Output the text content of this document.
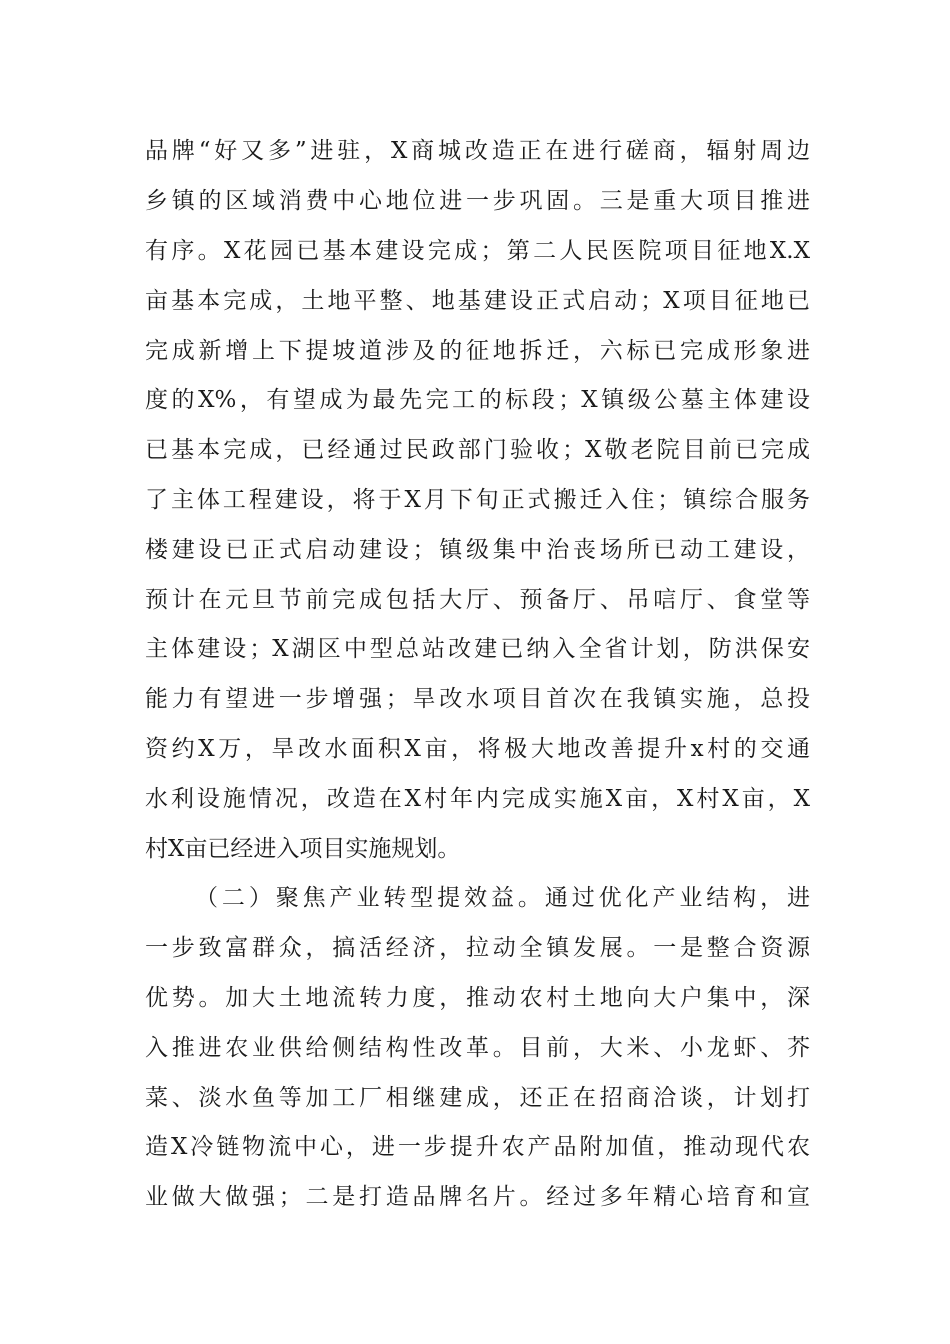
品牌“好又多”进驻，X商城改造正在进行磋商，辐射周边
乡镇的区域消费中心地位进一步巩固。三是重大项目推进
有序。X花园已基本建设完成；第二人民医院项目征地X.X
亩基本完成，土地平整、地基建设正式启动；X项目征地已
完成新增上下提坡道涉及的征地拆迁，六标已完成形象进
度的X%，有望成为最先完工的标段；X镇级公墓主体建设
已基本完成，已经通过民政部门验收；X敬老院目前已完成
了主体工程建设，将于X月下旬正式搬迁入住；镇综合服务
楼建设已正式启动建设；镇级集中治丧场所已动工建设，
预计在元旦节前完成包括大厅、预备厅、吊唁厅、食堂等
主体建设；X湖区中型总站改建已纳入全省计划，防洪保安
能力有望进一步增强；旱改水项目首次在我镇实施，总投
资约X万，旱改水面积X亩，将极大地改善提升x村的交通
水利设施情况，改造在X村年内完成实施X亩，X村X亩，X
村X亩已经进入项目实施规划。
（二）聚焦产业转型提效益。通过优化产业结构，进
一步致富群众，搞活经济，拉动全镇发展。一是整合资源
优势。加大土地流转力度，推动农村土地向大户集中，深
入推进农业供给侧结构性改革。目前，大米、小龙虾、芥
菜、淡水鱼等加工厂相继建成，还正在招商洽谈，计划打
造X冷链物流中心，进一步提升农产品附加值，推动现代农
业做大做强；二是打造品牌名片。经过多年精心培育和宣
